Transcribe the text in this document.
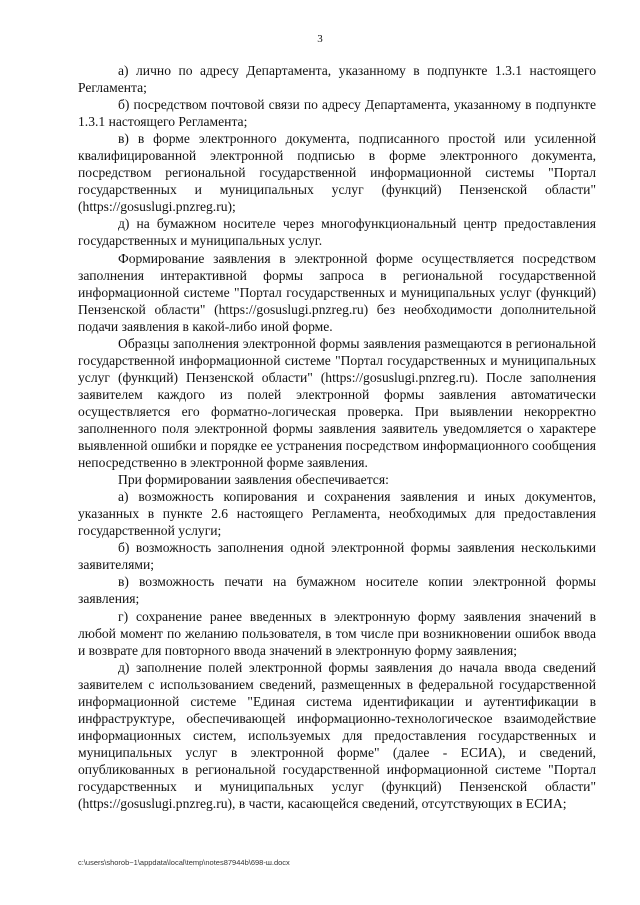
3

а) лично по адресу Департамента, указанному в подпункте 1.3.1 настоящего Регламента;

б) посредством почтовой связи по адресу Департамента, указанному в подпункте 1.3.1 настоящего Регламента;

в) в форме электронного документа, подписанного простой или усиленной квалифицированной электронной подписью в форме электронного документа, посредством региональной государственной информационной системы "Портал государственных и муниципальных услуг (функций) Пензенской области" (https://gosuslugi.pnzreg.ru);

д) на бумажном носителе через многофункциональный центр предоставления государственных и муниципальных услуг.

Формирование заявления в электронной форме осуществляется посредством заполнения интерактивной формы запроса в региональной государственной информационной системе "Портал государственных и муниципальных услуг (функций) Пензенской области" (https://gosuslugi.pnzreg.ru) без необходимости дополнительной подачи заявления в какой-либо иной форме.

Образцы заполнения электронной формы заявления размещаются в региональной государственной информационной системе "Портал государственных и муниципальных услуг (функций) Пензенской области" (https://gosuslugi.pnzreg.ru). После заполнения заявителем каждого из полей электронной формы заявления автоматически осуществляется его форматно-логическая проверка. При выявлении некорректно заполненного поля электронной формы заявления заявитель уведомляется о характере выявленной ошибки и порядке ее устранения посредством информационного сообщения непосредственно в электронной форме заявления.

При формировании заявления обеспечивается:

а) возможность копирования и сохранения заявления и иных документов, указанных в пункте 2.6 настоящего Регламента, необходимых для предоставления государственной услуги;

б) возможность заполнения одной электронной формы заявления несколькими заявителями;

в) возможность печати на бумажном носителе копии электронной формы заявления;

г) сохранение ранее введенных в электронную форму заявления значений в любой момент по желанию пользователя, в том числе при возникновении ошибок ввода и возврате для повторного ввода значений в электронную форму заявления;

д) заполнение полей электронной формы заявления до начала ввода сведений заявителем с использованием сведений, размещенных в федеральной государственной информационной системе "Единая система идентификации и аутентификации в инфраструктуре, обеспечивающей информационно-технологическое взаимодействие информационных систем, используемых для предоставления государственных и муниципальных услуг в электронной форме" (далее - ЕСИА), и сведений, опубликованных в региональной государственной информационной системе "Портал государственных и муниципальных услуг (функций) Пензенской области" (https://gosuslugi.pnzreg.ru), в части, касающейся сведений, отсутствующих в ЕСИА;

c:\users\shorob~1\appdata\local\temp\notes87944b\698-ш.docx
